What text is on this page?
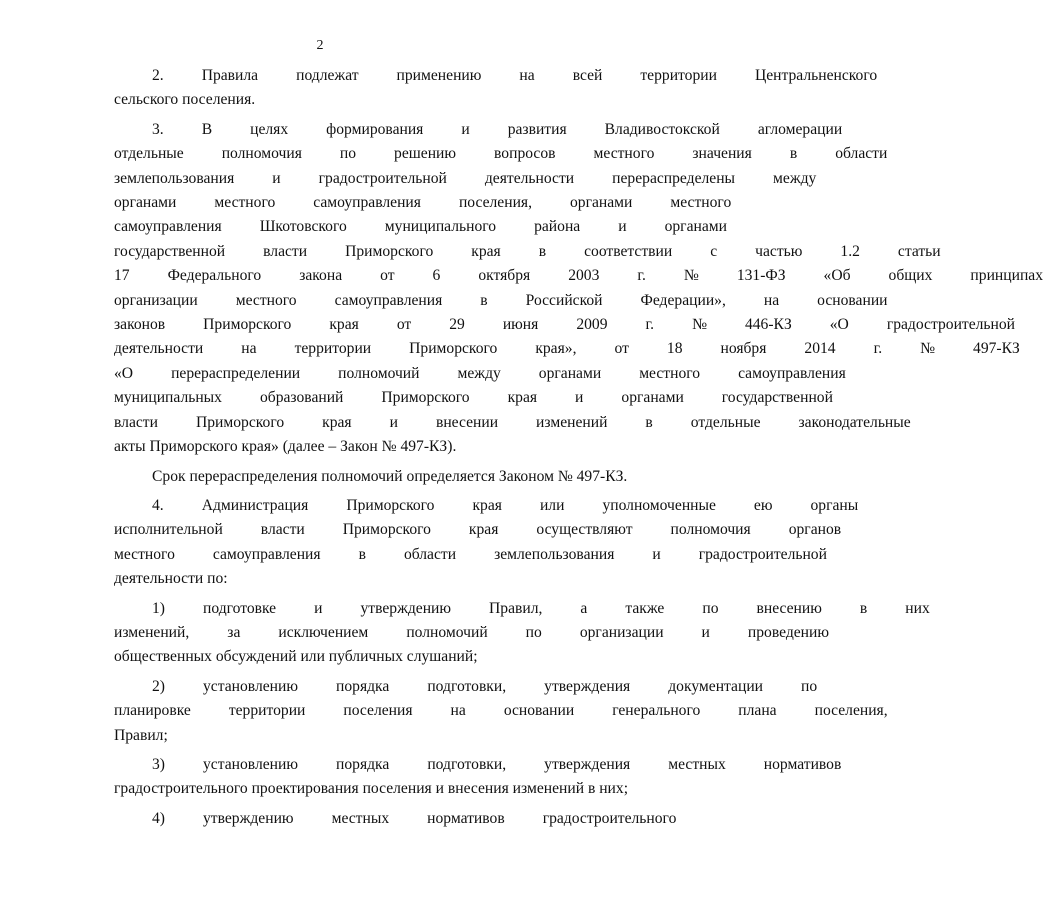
2
2.	Правила	подлежат	применению	на	всей	территории	Центральненского
сельского поселения.
3.	В	целях	формирования	и	развития	Владивостокской	агломерации
отдельные	полномочия	по	решению	вопросов	местного	значения	в	области
землепользования	и	градостроительной	деятельности	перераспределены	между
органами	местного	самоуправления	поселения,	органами	местного
самоуправления	Шкотовского	муниципального	района	и	органами
государственной	власти	Приморского	края	в	соответствии	с	частью	1.2	статьи
17	Федерального	закона	от	6	октября	2003	г.	№	131-ФЗ	«Об	общих	принципах
организации	местного	самоуправления	в	Российской	Федерации»,	на	основании
законов	Приморского	края	от	29	июня	2009	г.	№	446-КЗ	«О	градостроительной
деятельности	на	территории	Приморского	края»,	от	18	ноября	2014	г.	№	497-КЗ
«О	перераспределении	полномочий	между	органами	местного	самоуправления
муниципальных	образований	Приморского	края	и	органами	государственной
власти	Приморского	края	и	внесении	изменений	в	отдельные	законодательные
акты Приморского края» (далее – Закон № 497-КЗ).
Срок перераспределения полномочий определяется Законом № 497-КЗ.
4.	Администрация	Приморского	края	или	уполномоченные	ею	органы
исполнительной	власти	Приморского	края	осуществляют	полномочия	органов
местного	самоуправления	в	области	землепользования	и	градостроительной
деятельности по:
1)	подготовке	и	утверждению	Правил,	а	также	по	внесению	в	них
изменений,	за	исключением	полномочий	по	организации	и	проведению
общественных обсуждений или публичных слушаний;
2)	установлению	порядка	подготовки,	утверждения	документации	по
планировке	территории	поселения	на	основании	генерального	плана	поселения,
Правил;
3)	установлению	порядка	подготовки,	утверждения	местных	нормативов
градостроительного проектирования поселения и внесения изменений в них;
4)	утверждению	местных	нормативов	градостроительного
